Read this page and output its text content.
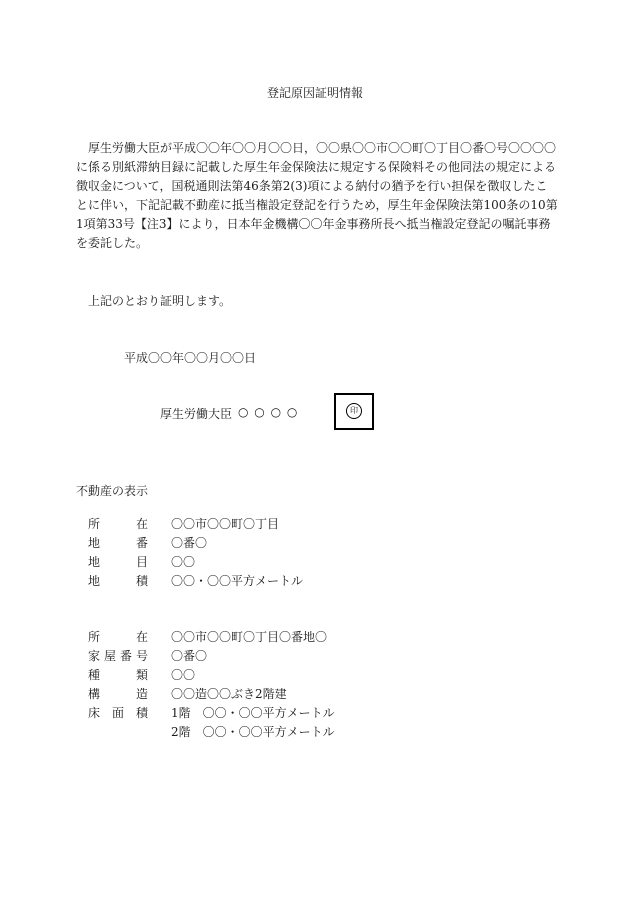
登記原因証明情報

厚生労働大臣が平成〇〇年〇〇月〇〇日，〇〇県〇〇市〇〇町〇丁目〇番〇号〇〇〇〇に係る別紙滞納目録に記載した厚生年金保険法に規定する保険料その他同法の規定による徴収金について，国税通則法第46条第2(3)項による納付の猶予を行い担保を徴収したことに伴い，下記記載不動産に抵当権設定登記を行うため，厚生年金保険法第100条の10第1項第33号【注3】により，日本年金機構〇〇年金事務所長へ抵当権設定登記の嘱託事務を委託した。

上記のとおり証明します。
平成〇〇年〇〇月〇〇日
厚生労働大臣 ○ ○ ○ ○	印
不動産の表示
所	在 〇〇市〇〇町〇丁目
地	番 〇番〇
地	目 〇〇
地	積 〇〇・〇〇平方メートル
所	在 〇〇市〇〇町〇丁目〇番地〇
家 屋 番 号 〇番〇
種	類 〇〇
構	造 〇〇造〇〇ぶき2階建
床 面 積 1階　〇〇・〇〇平方メートル
2階　〇〇・〇〇平方メートル
